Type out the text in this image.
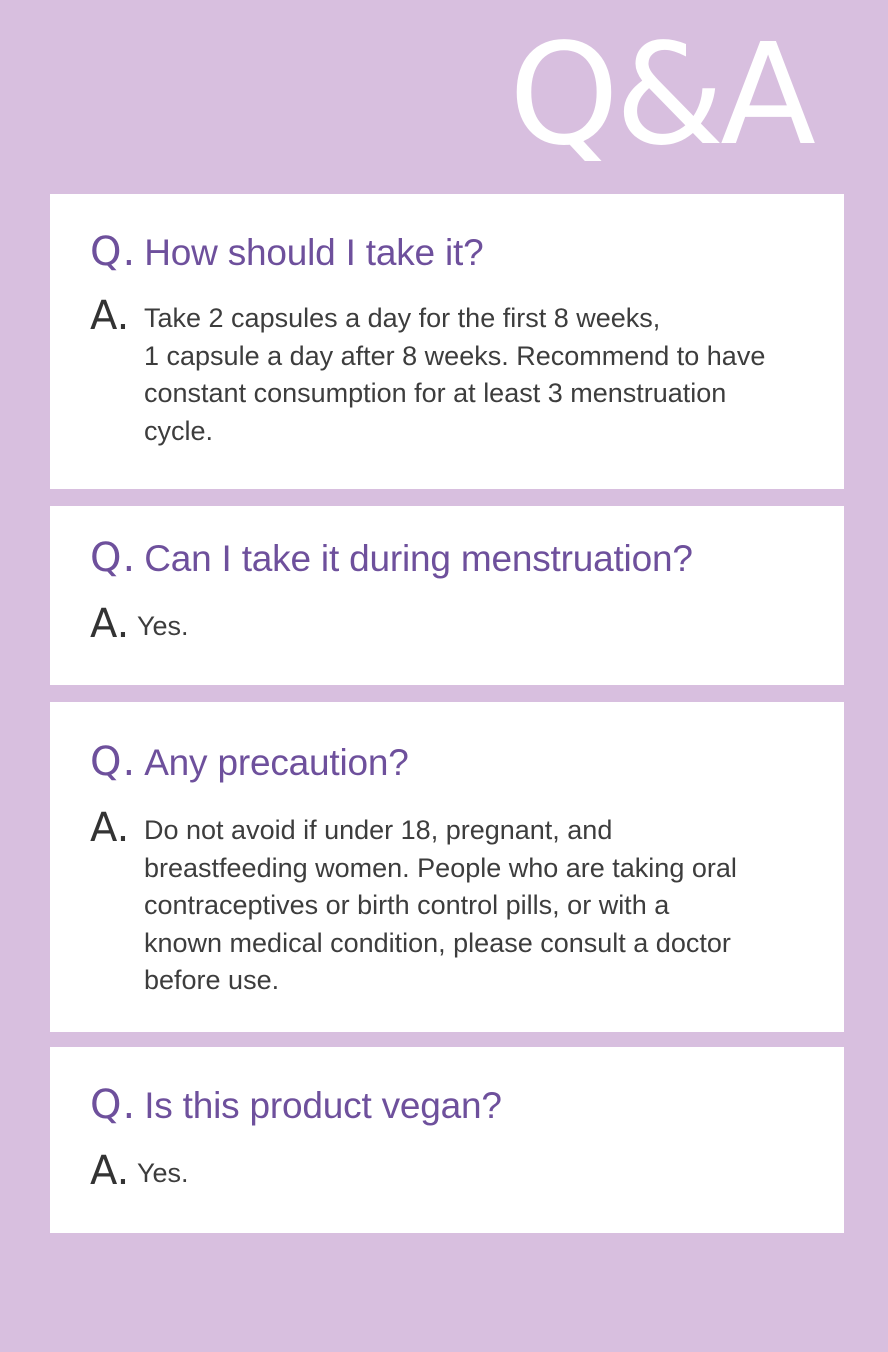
Q&A
Q. How should I take it?
A. Take 2 capsules a day for the first 8 weeks,
1 capsule a day after 8 weeks. Recommend to have
constant consumption for at least 3 menstruation
cycle.
Q. Can I take it during menstruation?
A. Yes.
Q. Any precaution?
A. Do not avoid if under 18, pregnant, and
breastfeeding women. People who are taking oral
contraceptives or birth control pills, or with a
known medical condition, please consult a doctor
before use.
Q. Is this product vegan?
A. Yes.
